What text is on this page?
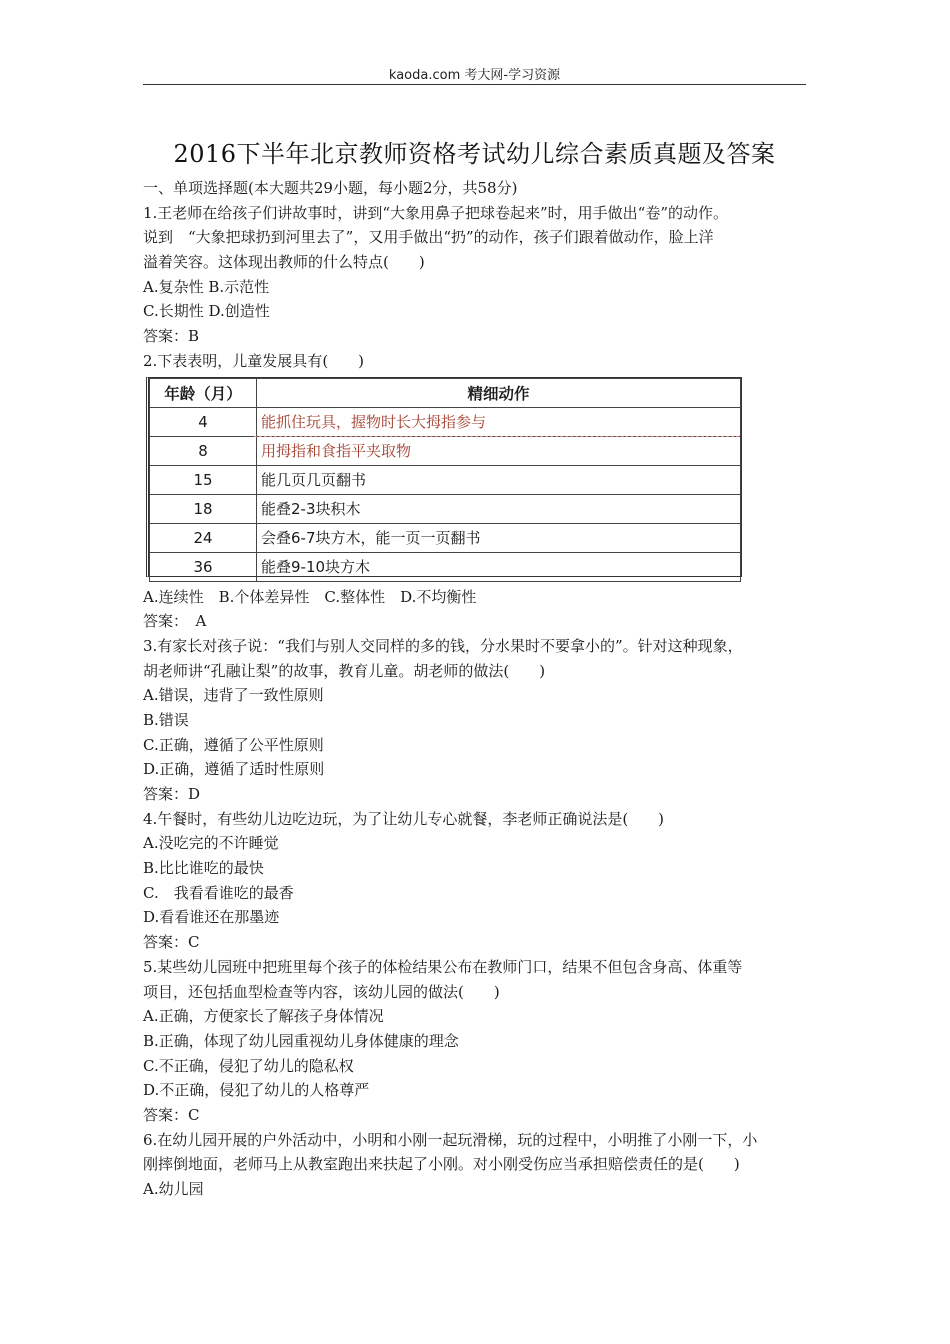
kaoda.com 考大网-学习资源
2016下半年北京教师资格考试幼儿综合素质真题及答案
一、单项选择题(本大题共29小题，每小题2分，共58分)
1.王老师在给孩子们讲故事时，讲到“大象用鼻子把球卷起来”时，用手做出“卷”的动作。
说到　“大象把球扔到河里去了”，又用手做出“扔”的动作，孩子们跟着做动作，脸上洋
溢着笑容。这体现出教师的什么特点(　　)
A.复杂性 B.示范性
C.长期性 D.创造性
答案：B
2.下表表明，儿童发展具有(　　)
年龄（月）	精细动作
4	能抓住玩具，握物时长大拇指参与
8	用拇指和食指平夹取物
15	能几页几页翻书
18	能叠2-3块积木
24	会叠6-7块方木，能一页一页翻书
36	能叠9-10块方木
A.连续性　B.个体差异性　C.整体性　D.不均衡性
答案：　A
3.有家长对孩子说：“我们与别人交同样的多的钱，分水果时不要拿小的”。针对这种现象，
胡老师讲“孔融让梨”的故事，教育儿童。胡老师的做法(　　)
A.错误，违背了一致性原则
B.错误
C.正确，遵循了公平性原则
D.正确，遵循了适时性原则
答案：D
4.午餐时，有些幼儿边吃边玩，为了让幼儿专心就餐，李老师正确说法是(　　)
A.没吃完的不许睡觉
B.比比谁吃的最快
C.　我看看谁吃的最香
D.看看谁还在那墨迹
答案：C
5.某些幼儿园班中把班里每个孩子的体检结果公布在教师门口，结果不但包含身高、体重等
项目，还包括血型检查等内容，该幼儿园的做法(　　)
A.正确，方便家长了解孩子身体情况
B.正确，体现了幼儿园重视幼儿身体健康的理念
C.不正确，侵犯了幼儿的隐私权
D.不正确，侵犯了幼儿的人格尊严
答案：C
6.在幼儿园开展的户外活动中，小明和小刚一起玩滑梯，玩的过程中，小明推了小刚一下，小
刚摔倒地面，老师马上从教室跑出来扶起了小刚。对小刚受伤应当承担赔偿责任的是(　　)
A.幼儿园
